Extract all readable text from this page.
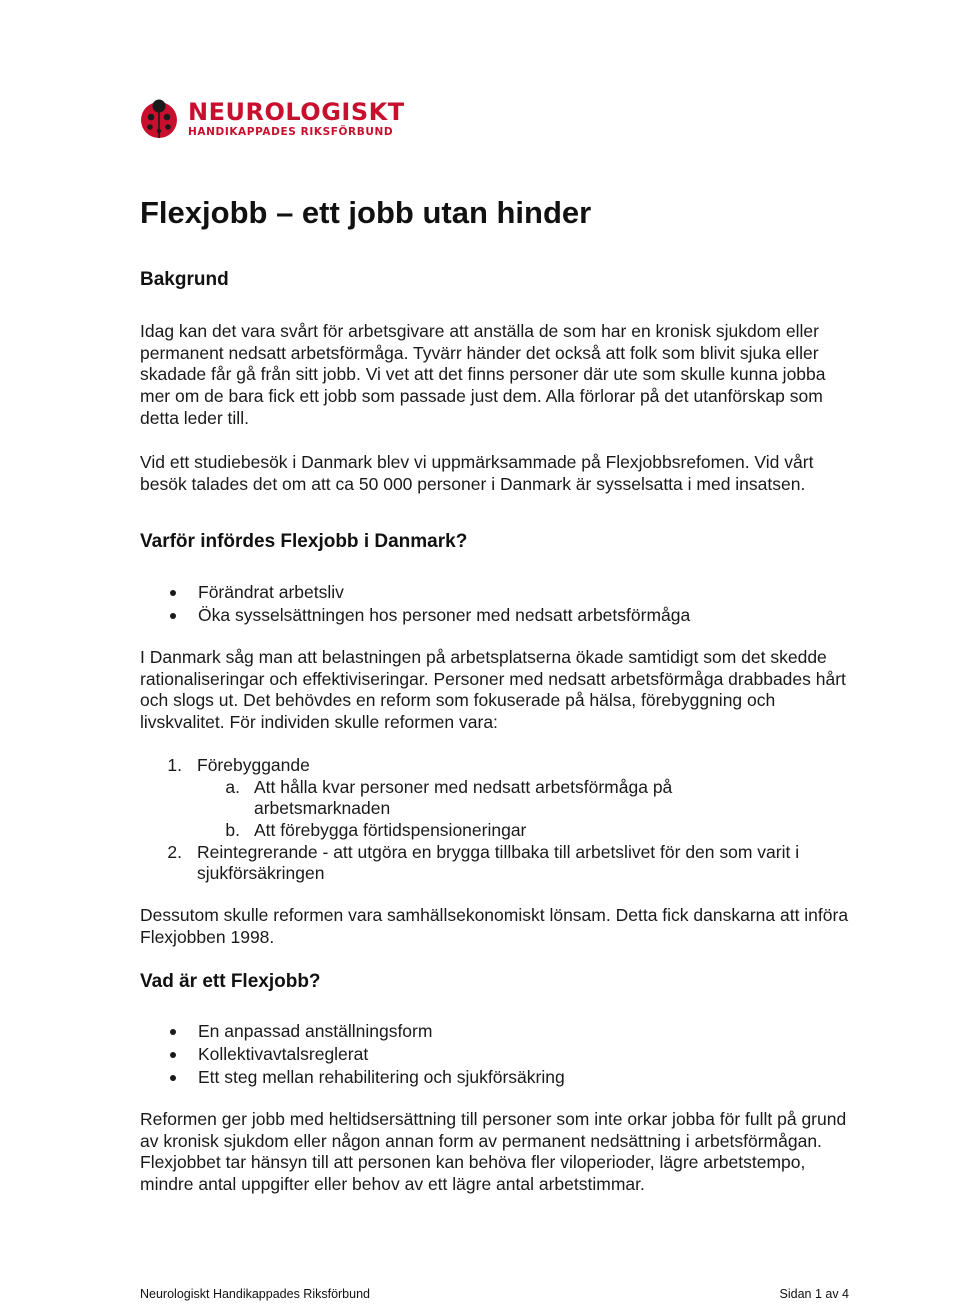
NEUROLOGISKT
HANDIKAPPADES RIKSFÖRBUND
Flexjobb – ett jobb utan hinder
Bakgrund

Idag kan det vara svårt för arbetsgivare att anställa de som har en kronisk sjukdom eller permanent nedsatt arbetsförmåga. Tyvärr händer det också att folk som blivit sjuka eller skadade får gå från sitt jobb. Vi vet att det finns personer där ute som skulle kunna jobba mer om de bara fick ett jobb som passade just dem. Alla förlorar på det utanförskap som detta leder till.

Vid ett studiebesök i Danmark blev vi uppmärksammade på Flexjobbsrefomen. Vid vårt besök talades det om att ca 50 000 personer i Danmark är sysselsatta i med insatsen.

Varför infördes Flexjobb i Danmark?
Förändrat arbetsliv
Öka sysselsättningen hos personer med nedsatt arbetsförmåga

I Danmark såg man att belastningen på arbetsplatserna ökade samtidigt som det skedde rationaliseringar och effektiviseringar. Personer med nedsatt arbetsförmåga drabbades hårt och slogs ut. Det behövdes en reform som fokuserade på hälsa, förebyggning och livskvalitet. För individen skulle reformen vara:

1. Förebyggande
a. Att hålla kvar personer med nedsatt arbetsförmåga på arbetsmarknaden
b. Att förebygga förtidspensioneringar
2. Reintegrerande - att utgöra en brygga tillbaka till arbetslivet för den som varit i sjukförsäkringen

Dessutom skulle reformen vara samhällsekonomiskt lönsam. Detta fick danskarna att införa Flexjobben 1998.

Vad är ett Flexjobb?
En anpassad anställningsform
Kollektivavtalsreglerat
Ett steg mellan rehabilitering och sjukförsäkring

Reformen ger jobb med heltidsersättning till personer som inte orkar jobba för fullt på grund av kronisk sjukdom eller någon annan form av permanent nedsättning i arbetsförmågan. Flexjobbet tar hänsyn till att personen kan behöva fler viloperioder, lägre arbetstempo, mindre antal uppgifter eller behov av ett lägre antal arbetstimmar.

Neurologiskt Handikappades Riksförbund	Sidan 1 av 4
